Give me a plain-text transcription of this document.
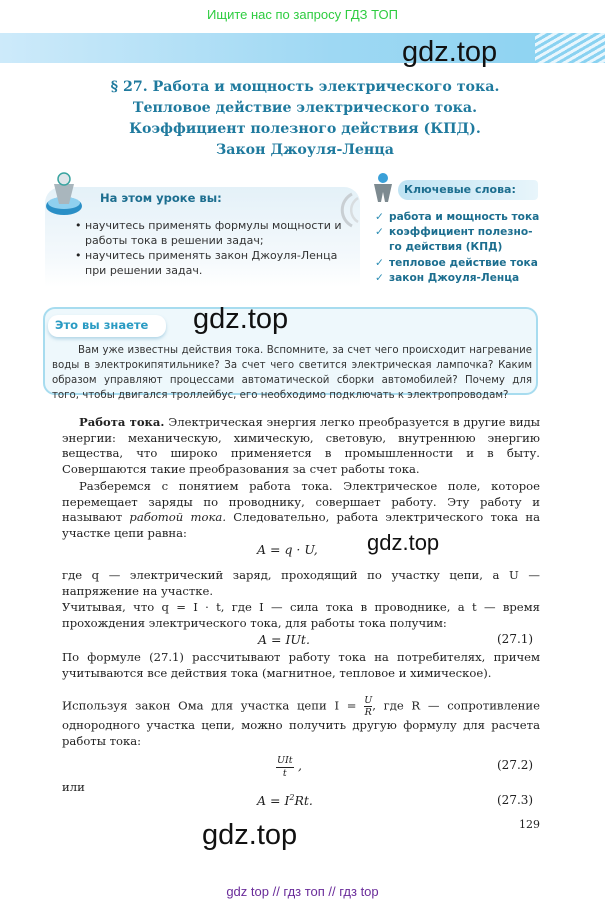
Ищите нас по запросу ГДЗ ТОП
gdz.top
§ 27. Работа и мощность электрического тока.
Тепловое действие электрического тока.
Коэффициент полезного действия (КПД).
Закон Джоуля-Ленца
На этом уроке вы:
• научитесь применять формулы мощности и работы тока в решении задач;
• научитесь применять закон Джоуля-Ленца при решении задач.
Ключевые слова:
✓ работа и мощность тока
✓ коэффициент полезно-
го действия (КПД)
✓ тепловое действие тока
✓ закон Джоуля-Ленца
Это вы знаете	gdz.top
Вам уже известны действия тока. Вспомните, за счет чего происходит нагревание воды в электрокипятильнике? За счет чего светится электрическая лампочка? Каким образом управляют процессами автоматической сборки автомобилей? Почему для того, чтобы двигался троллейбус, его необходимо подключать к электропроводам?
Работа тока. Электрическая энергия легко преобразуется в другие виды энергии: механическую, химическую, световую, внутреннюю энергию вещества, что широко применяется в промышленности и в быту. Совершаются такие преобразования за счет работы тока.
Разберемся с понятием работа тока. Электрическое поле, которое перемещает заряды по проводнику, совершает работу. Эту работу и называют работой тока. Следовательно, работа электрического тока на участке цепи равна:
A = q · U, gdz.top
где q — электрический заряд, проходящий по участку цепи, а U — напряжение на участке.
Учитывая, что q = I · t, где I — сила тока в проводнике, а t — время прохождения электрического тока, для работы тока получим:
A = IUt.	(27.1)
По формуле (27.1) рассчитывают работу тока на потребителях, причем учитываются все действия тока (магнитное, тепловое и химическое).
Используя закон Ома для участка цепи $I = \frac{U}{R}$, где R — сопротивление однородного участка цепи, можно получить другую формулу для расчета работы тока:
UIt
t
,	(27.2)
или
$A = I^2Rt$.	(27.3)
129
gdz.top
gdz top // гдз топ // гдз top
